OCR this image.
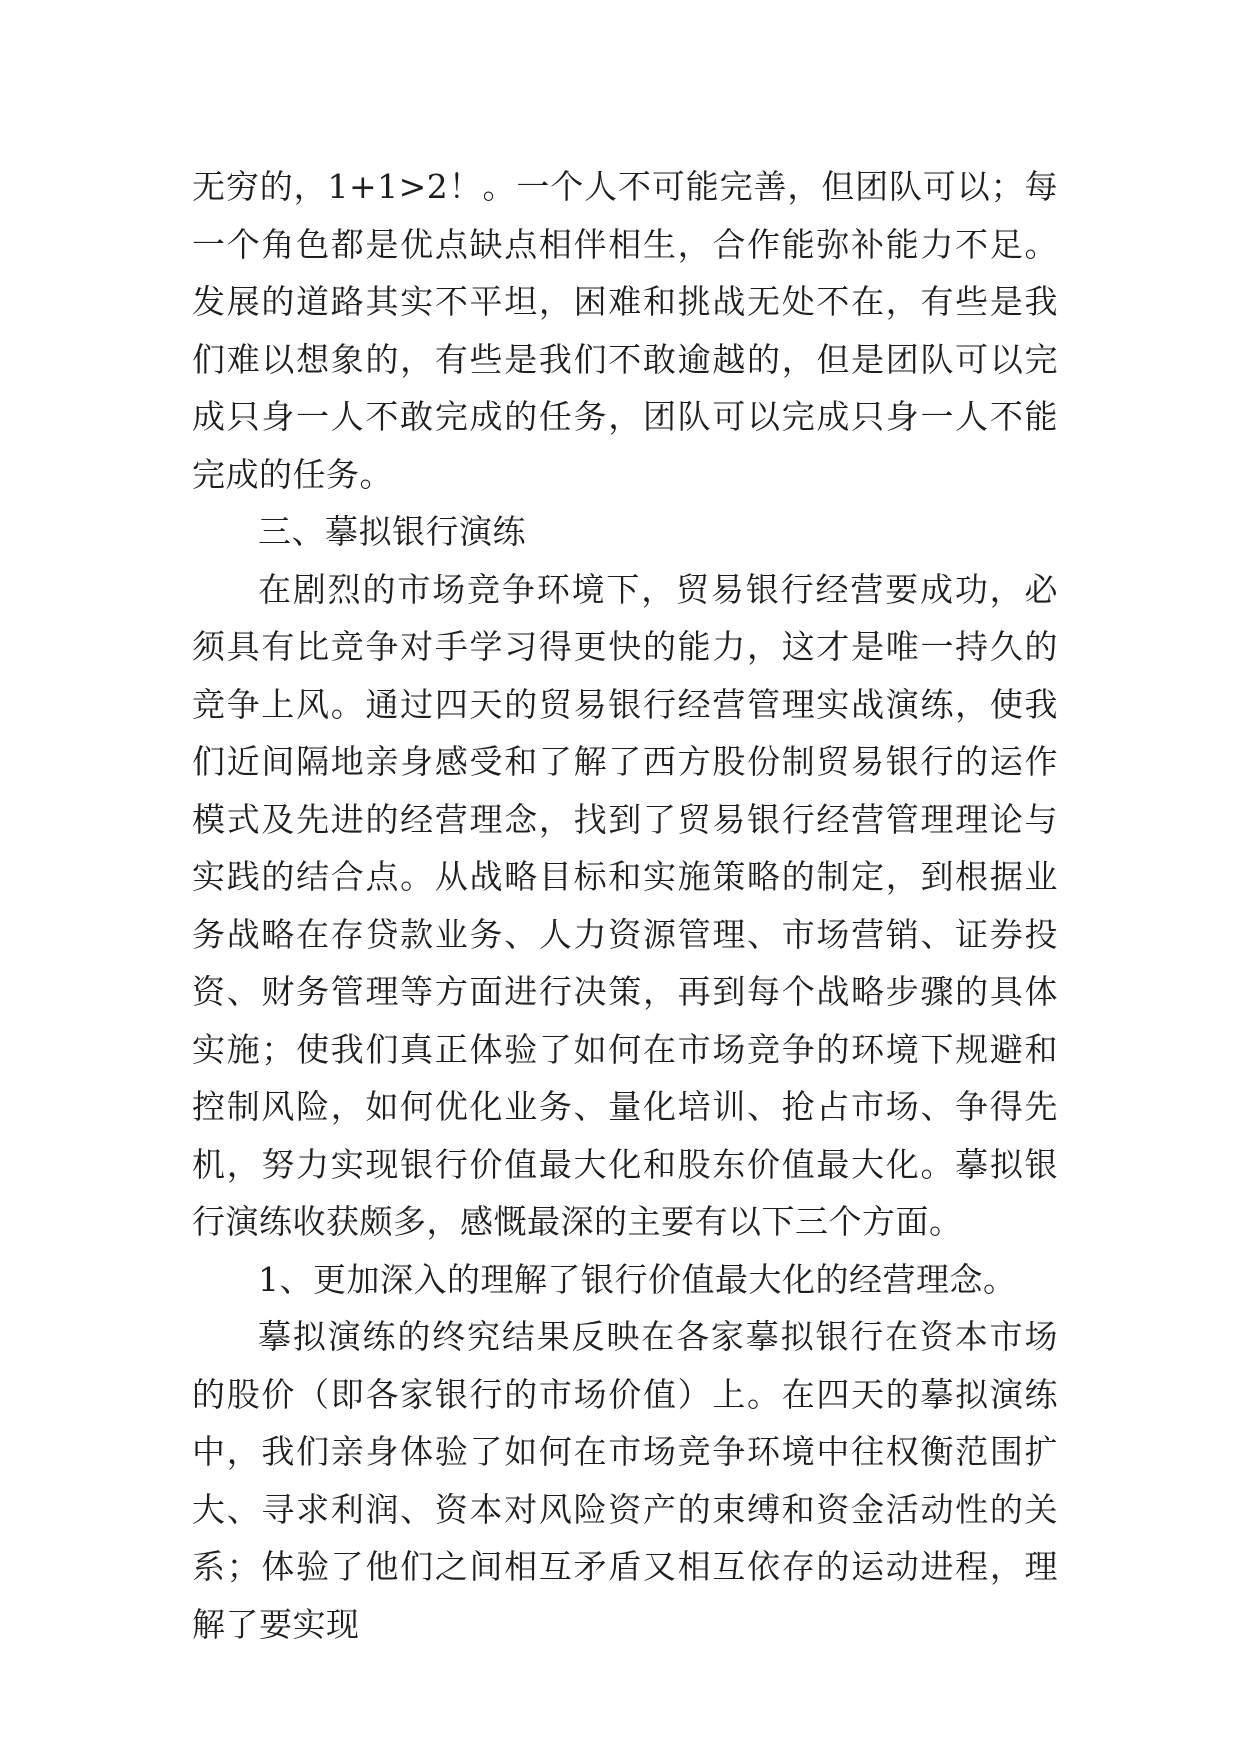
无穷的，1+1>2！。一个人不可能完善，但团队可以；每一个角色都是优点缺点相伴相生，合作能弥补能力不足。发展的道路其实不平坦，困难和挑战无处不在，有些是我们难以想象的，有些是我们不敢逾越的，但是团队可以完成只身一人不敢完成的任务，团队可以完成只身一人不能完成的任务。

三、摹拟银行演练

在剧烈的市场竞争环境下，贸易银行经营要成功，必须具有比竞争对手学习得更快的能力，这才是唯一持久的竞争上风。通过四天的贸易银行经营管理实战演练，使我们近间隔地亲身感受和了解了西方股份制贸易银行的运作模式及先进的经营理念，找到了贸易银行经营管理理论与实践的结合点。从战略目标和实施策略的制定，到根据业务战略在存贷款业务、人力资源管理、市场营销、证券投资、财务管理等方面进行决策，再到每个战略步骤的具体实施；使我们真正体验了如何在市场竞争的环境下规避和控制风险，如何优化业务、量化培训、抢占市场、争得先机，努力实现银行价值最大化和股东价值最大化。摹拟银行演练收获颇多，感慨最深的主要有以下三个方面。

1、更加深入的理解了银行价值最大化的经营理念。

摹拟演练的终究结果反映在各家摹拟银行在资本市场的股价（即各家银行的市场价值）上。在四天的摹拟演练中，我们亲身体验了如何在市场竞争环境中往权衡范围扩大、寻求利润、资本对风险资产的束缚和资金活动性的关系；体验了他们之间相互矛盾又相互依存的运动进程，理解了要实现
